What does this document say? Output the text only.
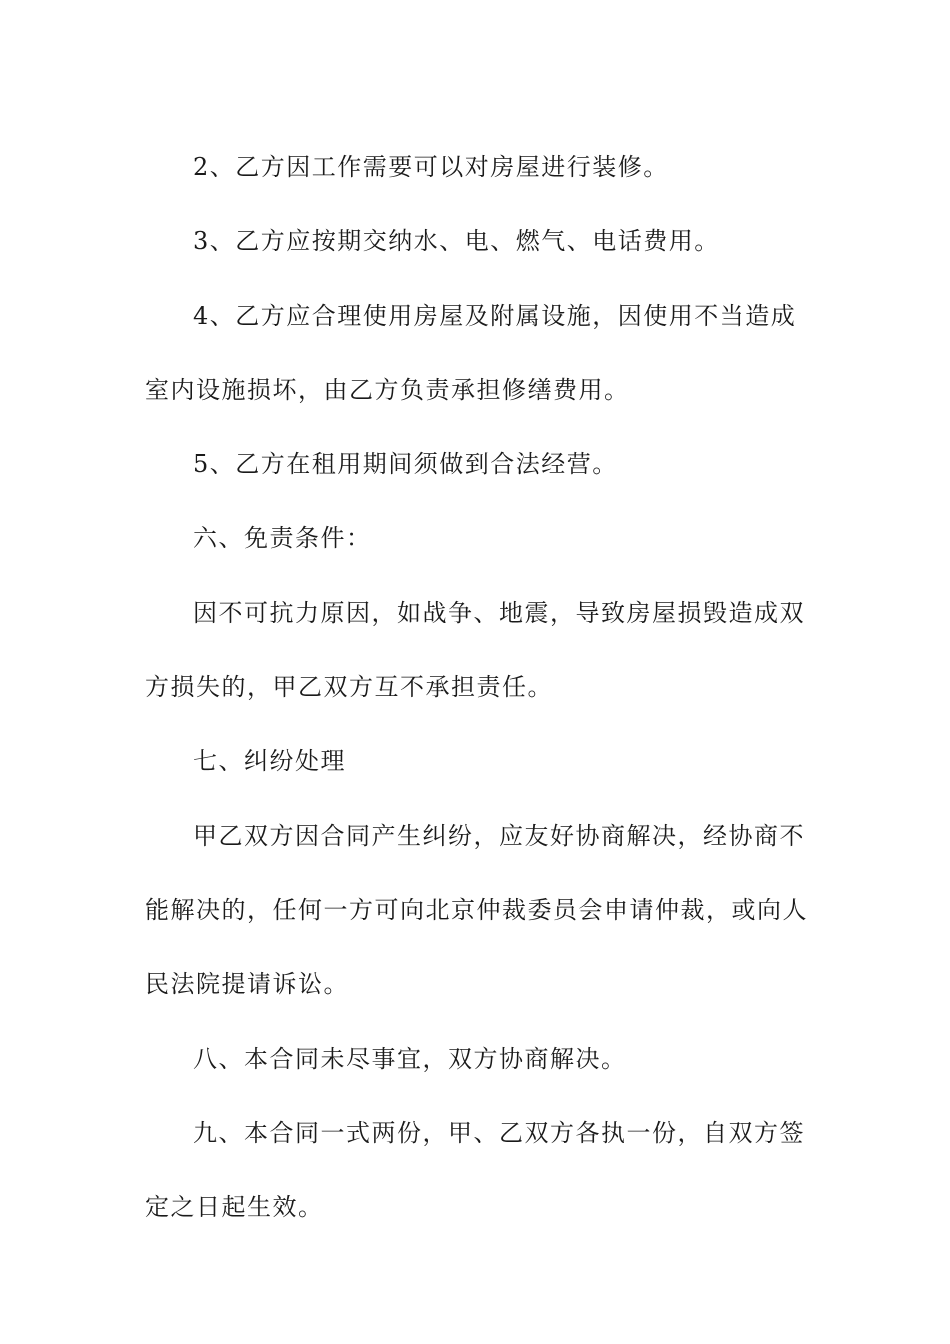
2、乙方因工作需要可以对房屋进行装修。

3、乙方应按期交纳水、电、燃气、电话费用。

4、乙方应合理使用房屋及附属设施，因使用不当造成室内设施损坏，由乙方负责承担修缮费用。

5、乙方在租用期间须做到合法经营。

六、免责条件：

因不可抗力原因，如战争、地震，导致房屋损毁造成双方损失的，甲乙双方互不承担责任。

七、纠纷处理

甲乙双方因合同产生纠纷，应友好协商解决，经协商不能解决的，任何一方可向北京仲裁委员会申请仲裁，或向人民法院提请诉讼。

八、本合同未尽事宜，双方协商解决。

九、本合同一式两份，甲、乙双方各执一份，自双方签定之日起生效。
